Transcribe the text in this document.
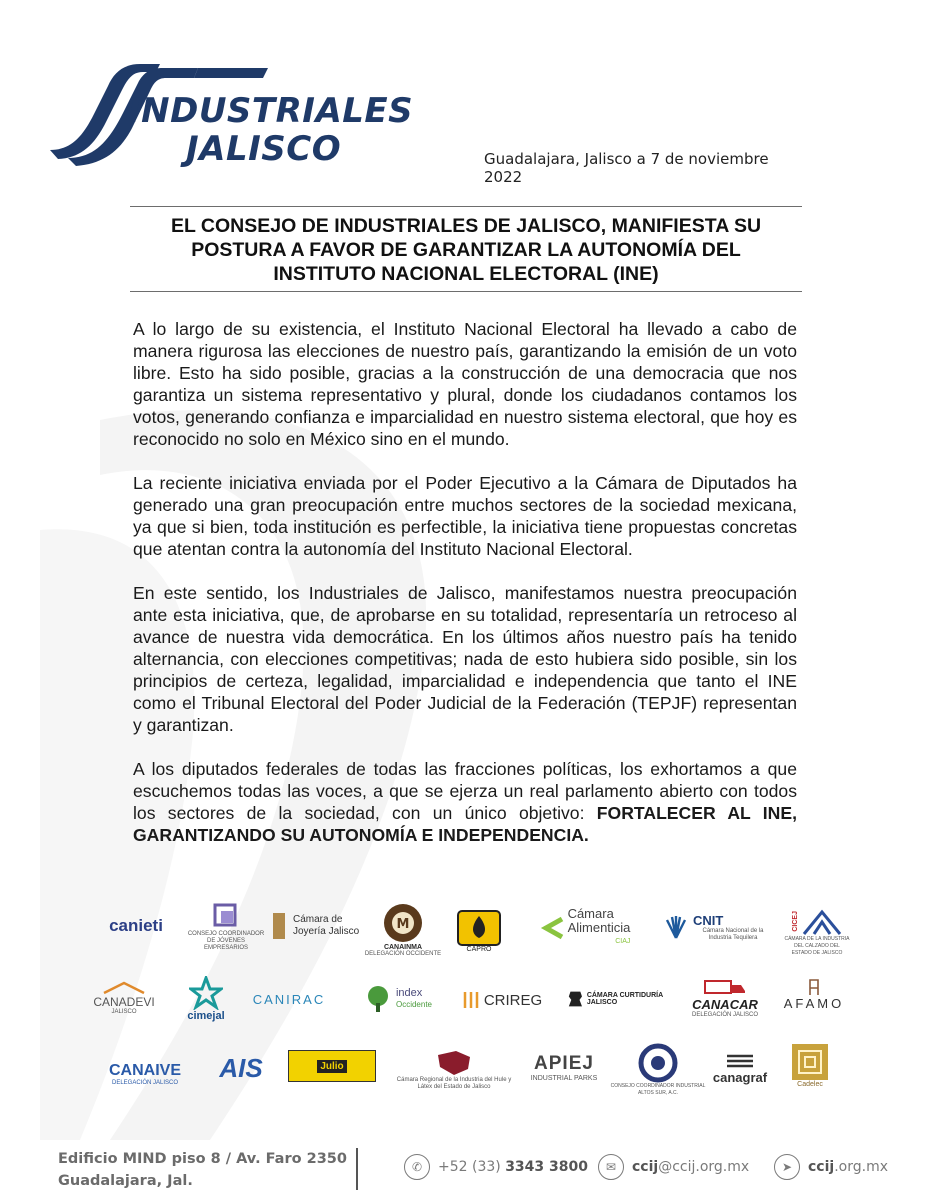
INDUSTRIALES
JALISCO	Guadalajara, Jalisco a 7 de noviembre 2022
EL CONSEJO DE INDUSTRIALES DE JALISCO, MANIFIESTA SU
POSTURA A FAVOR DE GARANTIZAR LA AUTONOMÍA DEL
INSTITUTO NACIONAL ELECTORAL (INE)

A lo largo de su existencia, el Instituto Nacional Electoral ha llevado a cabo de manera rigurosa las elecciones de nuestro país, garantizando la emisión de un voto libre. Esto ha sido posible, gracias a la construcción de una democracia que nos garantiza un sistema representativo y plural, donde los ciudadanos contamos los votos, generando confianza e imparcialidad en nuestro sistema electoral, que hoy es reconocido no solo en México sino en el mundo.

La reciente iniciativa enviada por el Poder Ejecutivo a la Cámara de Diputados ha generado una gran preocupación entre muchos sectores de la sociedad mexicana, ya que si bien, toda institución es perfectible, la iniciativa tiene propuestas concretas que atentan contra la autonomía del Instituto Nacional Electoral.

En este sentido, los Industriales de Jalisco, manifestamos nuestra preocupación ante esta iniciativa, que, de aprobarse en su totalidad, representaría un retroceso al avance de nuestra vida democrática. En los últimos años nuestro país ha tenido alternancia, con elecciones competitivas; nada de esto hubiera sido posible, sin los principios de certeza, legalidad, imparcialidad e independencia que tanto el INE como el Tribunal Electoral del Poder Judicial de la Federación (TEPJF) representan y garantizan.

A los diputados federales de todas las fracciones políticas, los exhortamos a que escuchemos todas las voces, a que se ejerza un real parlamento abierto con todos los sectores de la sociedad, con un único objetivo: FORTALECER AL INE, GARANTIZANDO SU AUTONOMÍA E INDEPENDENCIA.

canieti	CONSEJO COORDINADOR DE JÓVENES EMPRESARIOS
Cámara de Joyería Jalisco	M
CANAINMA
DELEGACIÓN OCCIDENTE
CAPRO
Cámara
Alimenticia
CIAJ
CNIT
Cámara Nacional de la Industria Tequilera
CICEJ
CÁMARA DE LA INDUSTRIA DEL CALZADO DEL ESTADO DE JALISCO
CANADEVI
JALISCO	cimejal
CANIRAC	index
Occidente	CRIREG	CÁMARA CURTIDURÍA JALISCO	CANACAR
DELEGACIÓN JALISCO
AFAMO
CANAIVE
DELEGACIÓN JALISCO AIS	Julio
Cámara Regional de la Industria del Hule y Látex del Estado de Jalisco
APIEJ
INDUSTRIAL PARKS
CONSEJO COORDINADOR INDUSTRIAL ALTOS SUR, A.C.
canagraf	Cadelec
Edificio MIND piso 8 / Av. Faro 2350
Guadalajara, Jal.
✆	+52 (33) 3343 3800	✉	ccij@ccij.org.mx	➤	ccij.org.mx
